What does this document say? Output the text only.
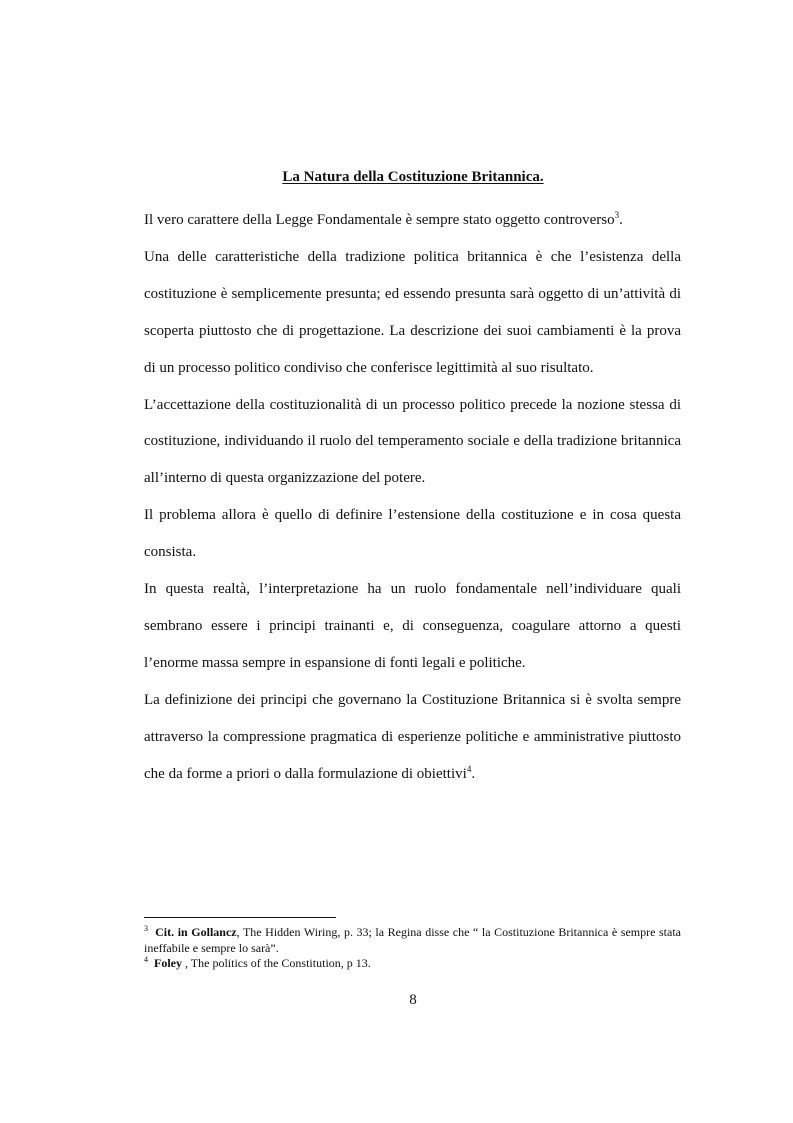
La Natura della Costituzione Britannica.

Il vero carattere della Legge Fondamentale è sempre stato oggetto controverso$^3$.

Una delle caratteristiche della tradizione politica britannica è che l’esistenza della costituzione è semplicemente presunta; ed essendo presunta sarà oggetto di un’attività di scoperta piuttosto che di progettazione. La descrizione dei suoi cambiamenti è la prova di un processo politico condiviso che conferisce legittimità al suo risultato.

L’accettazione della costituzionalità di un processo politico precede la nozione stessa di costituzione, individuando il ruolo del temperamento sociale e della tradizione britannica all’interno di questa organizzazione del potere.

Il problema allora è quello di definire l’estensione della costituzione e in cosa questa consista.

In questa realtà, l’interpretazione ha un ruolo fondamentale nell’individuare quali sembrano essere i principi trainanti e, di conseguenza, coagulare attorno a questi l’enorme massa sempre in espansione di fonti legali e politiche.

La definizione dei principi che governano la Costituzione Britannica si è svolta sempre attraverso la compressione pragmatica di esperienze politiche e amministrative piuttosto che da forme a priori o dalla formulazione di obiettivi$^4$.

$^3$ Cit. in Gollancz, The Hidden Wiring, p. 33; la Regina disse che “ la Costituzione Britannica è sempre stata ineffabile e sempre lo sarà”.

$^4$ Foley , The politics of the Constitution, p 13.

8
